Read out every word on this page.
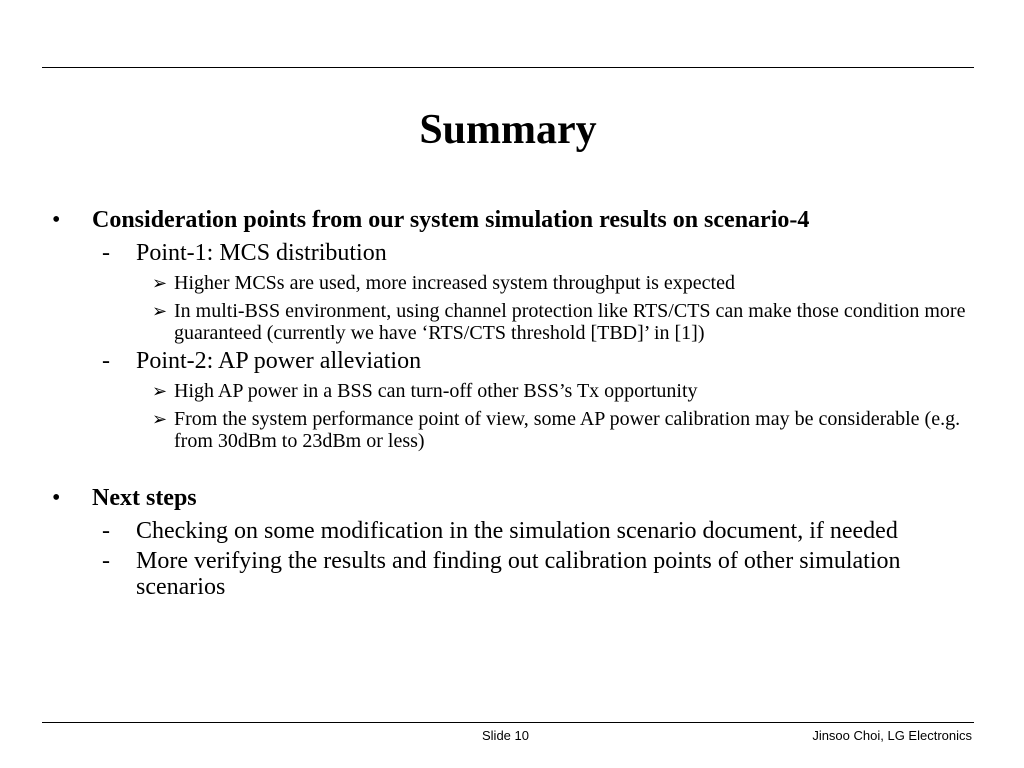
Summary
• Consideration points from our system simulation results on scenario-4
- Point-1: MCS distribution
➢ Higher MCSs are used, more increased system throughput is expected
➢ In multi-BSS environment, using channel protection like RTS/CTS can make those condition more guaranteed (currently we have ‘RTS/CTS threshold [TBD]’ in [1])
- Point-2: AP power alleviation
➢ High AP power in a BSS can turn-off other BSS’s Tx opportunity
➢ From the system performance point of view, some AP power calibration may be considerable (e.g. from 30dBm to 23dBm or less)
• Next steps
- Checking on some modification in the simulation scenario document, if needed
- More verifying the results and finding out calibration points of other simulation scenarios
Slide 10	Jinsoo Choi, LG Electronics
